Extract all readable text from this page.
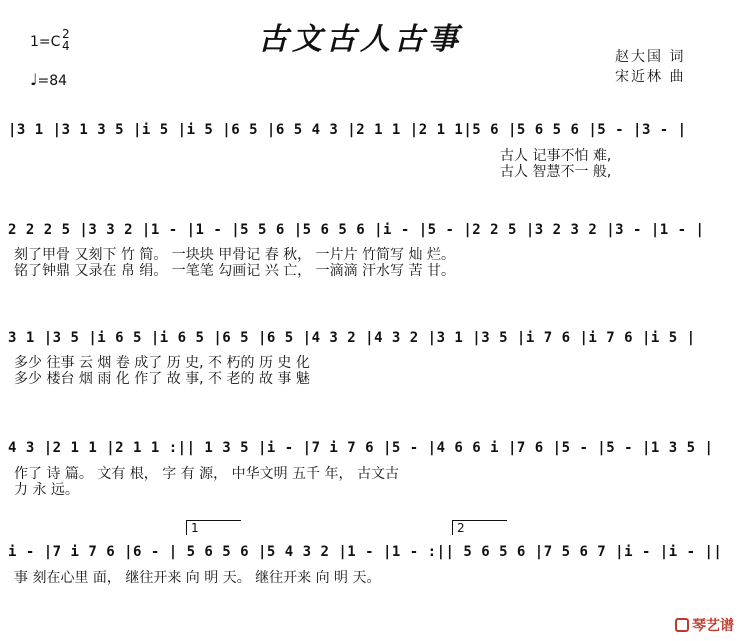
古文古人古事
1=C 2
4
♩=84
赵大国 词
宋近林 曲
|3 1 |3 1 3 5 |i 5 |i 5 |6 5 |6 5 4 3 |2 1 1 |2 1 1|5 6 |5 6 5 6 |5 - |3 - |
古人 记事不怕 难,
古人 智慧不一 般,
2 2 2 5 |3 3 2 |1 - |1 - |5 5 6 |5 6 5 6 |i - |5 - |2 2 5 |3 2 3 2 |3 - |1 - |
刻了甲骨 又刻下 竹 简。 一块块 甲骨记 春 秋， 一片片 竹简写 灿 烂。
铭了钟鼎 又录在 帛 绢。 一笔笔 勾画记 兴 亡， 一滴滴 汗水写 苦 甘。
3 1 |3 5 |i 6 5 |i 6 5 |6 5 |6 5 |4 3 2 |4 3 2 |3 1 |3 5 |i 7 6 |i 7 6 |i 5 |
多少 往事 云 烟 卷 成了 历 史, 不 朽的 历 史 化
多少 楼台 烟 雨 化 作了 故 事, 不 老的 故 事 魅
4 3 |2 1 1 |2 1 1 :|| 1 3 5 |i - |7 i 7 6 |5 - |4 6 6 i |7 6 |5 - |5 - |1 3 5 |
作了 诗 篇。 文有 根， 字 有 源， 中华文明 五千 年， 古文古
力 永 远。
1	2
i - |7 i 7 6 |6 - | 5 6 5 6 |5 4 3 2 |1 - |1 - :|| 5 6 5 6 |7 5 6 7 |i - |i - ||
事 刻在心里 面， 继往开来 向 明 天。 继往开来 向 明 天。
琴艺谱
